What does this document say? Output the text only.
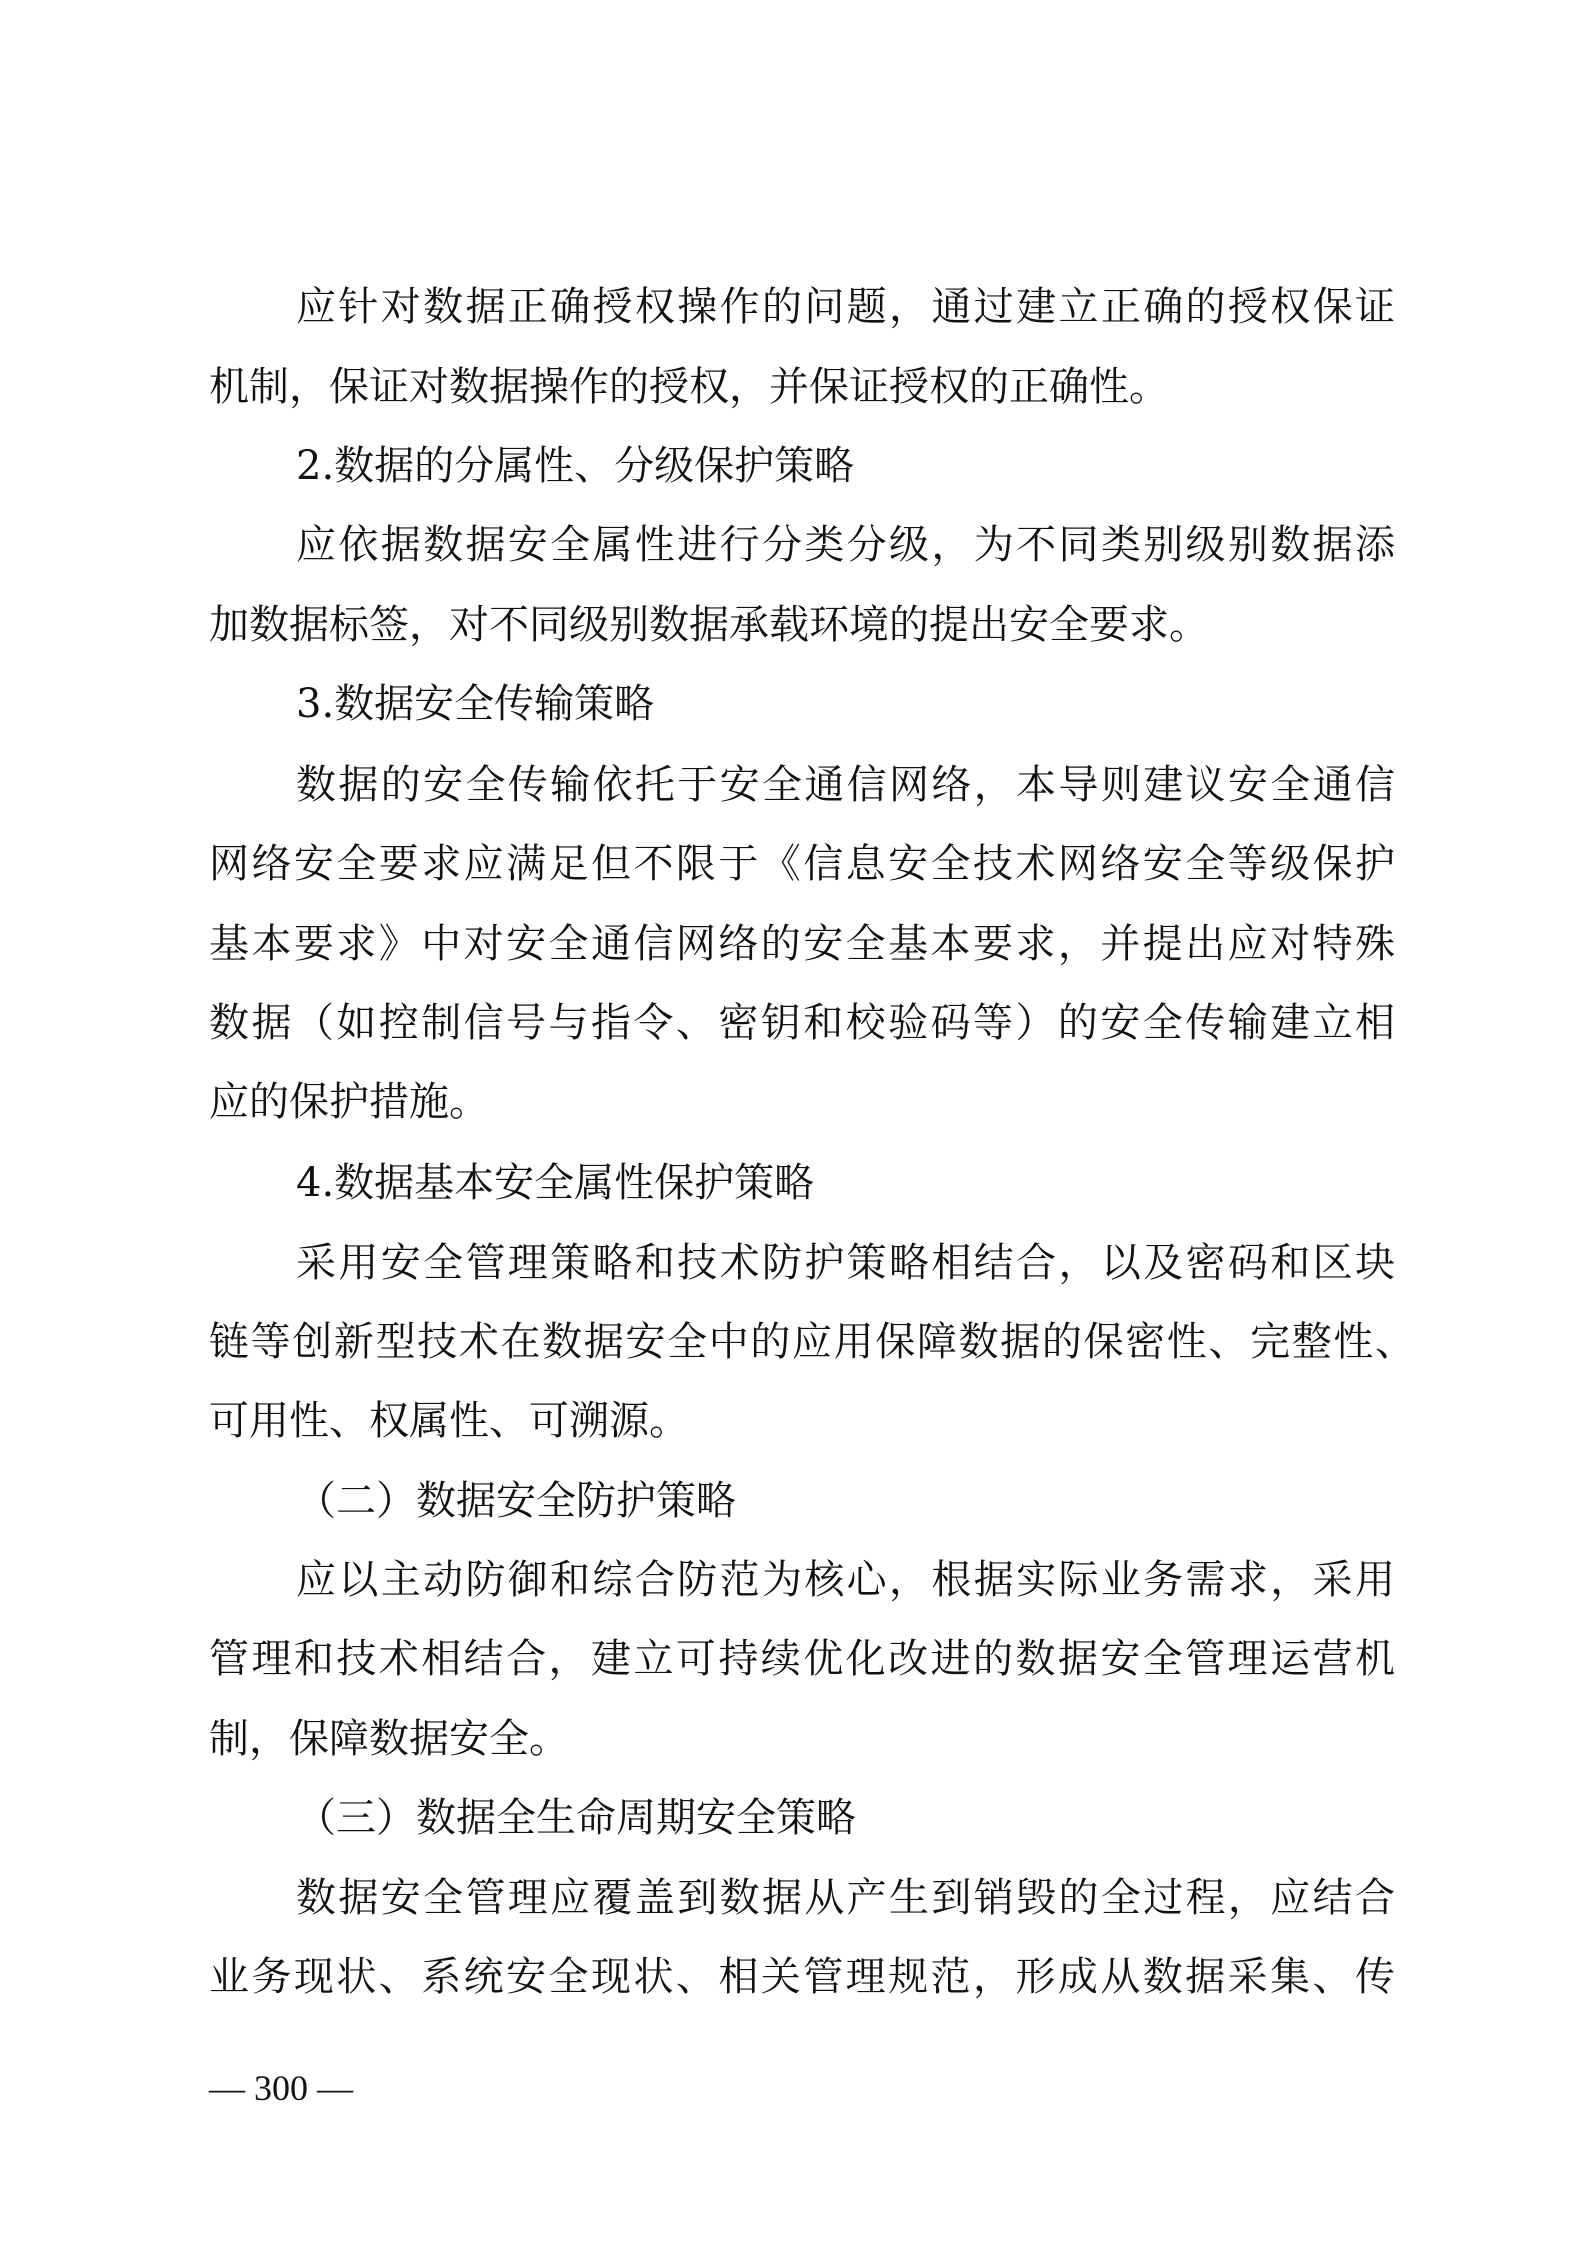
应针对数据正确授权操作的问题，通过建立正确的授权保证
机制，保证对数据操作的授权，并保证授权的正确性。
2.数据的分属性、分级保护策略
应依据数据安全属性进行分类分级，为不同类别级别数据添
加数据标签，对不同级别数据承载环境的提出安全要求。
3.数据安全传输策略
数据的安全传输依托于安全通信网络，本导则建议安全通信
网络安全要求应满足但不限于《信息安全技术网络安全等级保护
基本要求》中对安全通信网络的安全基本要求，并提出应对特殊
数据（如控制信号与指令、密钥和校验码等）的安全传输建立相
应的保护措施。
4.数据基本安全属性保护策略
采用安全管理策略和技术防护策略相结合，以及密码和区块
链等创新型技术在数据安全中的应用保障数据的保密性、完整性、
可用性、权属性、可溯源。
（二）数据安全防护策略
应以主动防御和综合防范为核心，根据实际业务需求，采用
管理和技术相结合，建立可持续优化改进的数据安全管理运营机
制，保障数据安全。
（三）数据全生命周期安全策略
数据安全管理应覆盖到数据从产生到销毁的全过程，应结合
业务现状、系统安全现状、相关管理规范，形成从数据采集、传
— 300 —
